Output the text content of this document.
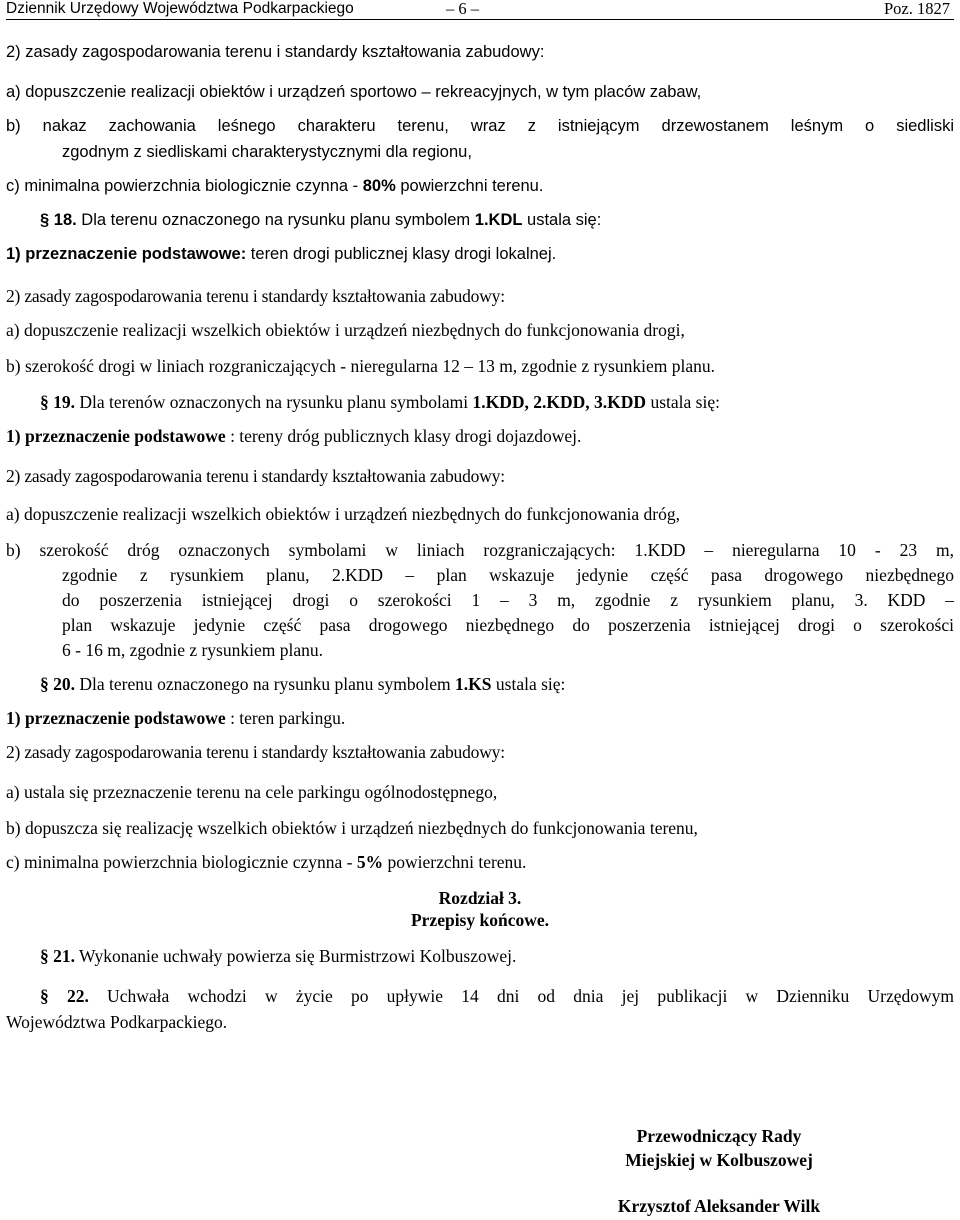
Dziennik Urzędowy Województwa Podkarpackiego	– 6 –	Poz. 1827
2) zasady zagospodarowania terenu i standardy kształtowania zabudowy:
a) dopuszczenie realizacji obiektów i urządzeń sportowo – rekreacyjnych, w tym placów zabaw,
b) nakaz zachowania leśnego charakteru terenu, wraz z istniejącym drzewostanem leśnym o siedliski
zgodnym z siedliskami charakterystycznymi dla regionu,
c) minimalna powierzchnia biologicznie czynna - 80% powierzchni terenu.
§ 18. Dla terenu oznaczonego na rysunku planu symbolem 1.KDL ustala się:
1) przeznaczenie podstawowe: teren drogi publicznej klasy drogi lokalnej.
2) zasady zagospodarowania terenu i standardy kształtowania zabudowy:
a) dopuszczenie realizacji wszelkich obiektów i urządzeń niezbędnych do funkcjonowania drogi,
b) szerokość drogi w liniach rozgraniczających - nieregularna 12 – 13 m, zgodnie z rysunkiem planu.
§ 19. Dla terenów oznaczonych na rysunku planu symbolami 1.KDD, 2.KDD, 3.KDD ustala się:
1) przeznaczenie podstawowe : tereny dróg publicznych klasy drogi dojazdowej.
2) zasady zagospodarowania terenu i standardy kształtowania zabudowy:
a) dopuszczenie realizacji wszelkich obiektów i urządzeń niezbędnych do funkcjonowania dróg,
b) szerokość dróg oznaczonych symbolami w liniach rozgraniczających: 1.KDD – nieregularna 10 - 23 m,
zgodnie z rysunkiem planu, 2.KDD – plan wskazuje jedynie część pasa drogowego niezbędnego
do poszerzenia istniejącej drogi o szerokości 1 – 3 m, zgodnie z rysunkiem planu, 3. KDD –
plan wskazuje jedynie część pasa drogowego niezbędnego do poszerzenia istniejącej drogi o szerokości
6 - 16 m, zgodnie z rysunkiem planu.
§ 20. Dla terenu oznaczonego na rysunku planu symbolem 1.KS ustala się:
1) przeznaczenie podstawowe : teren parkingu.
2) zasady zagospodarowania terenu i standardy kształtowania zabudowy:
a) ustala się przeznaczenie terenu na cele parkingu ogólnodostępnego,
b) dopuszcza się realizację wszelkich obiektów i urządzeń niezbędnych do funkcjonowania terenu,
c) minimalna powierzchnia biologicznie czynna - 5% powierzchni terenu.
Rozdział 3.
Przepisy końcowe.
§ 21. Wykonanie uchwały powierza się Burmistrzowi Kolbuszowej.
§ 22. Uchwała wchodzi w życie po upływie 14 dni od dnia jej publikacji w Dzienniku Urzędowym
Województwa Podkarpackiego.
Przewodniczący Rady
Miejskiej w Kolbuszowej
Krzysztof Aleksander Wilk
